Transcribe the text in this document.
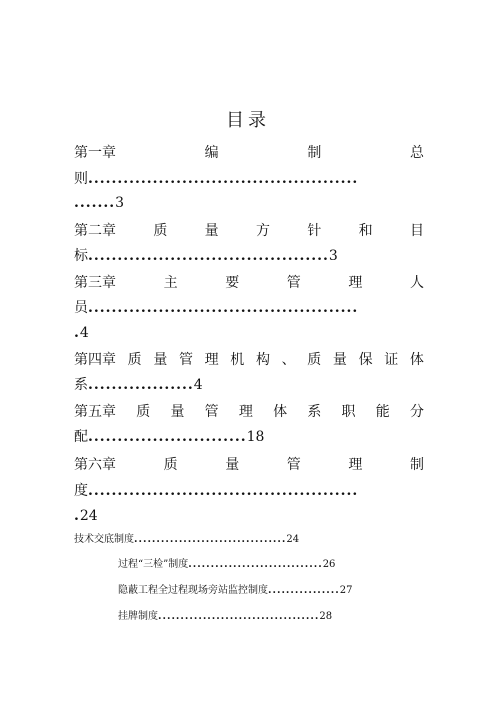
目录
第一章	编	制	总
则..............................................
.......3
第二章	质	量	方	针	和	目
标.........................................3
第三章	主	要	管	理	人
员..............................................
.4
第四章 质 量 管 理 机 构 、 质 量 保 证 体
系..................4
第五章 质 量 管 理 体 系 职 能 分
配...........................18
第六章	质	量	管	理	制
度..............................................
.24
技术交底制度..................................24
过程“三检”制度..............................26
隐蔽工程全过程现场旁站监控制度................27
挂牌制度....................................28
